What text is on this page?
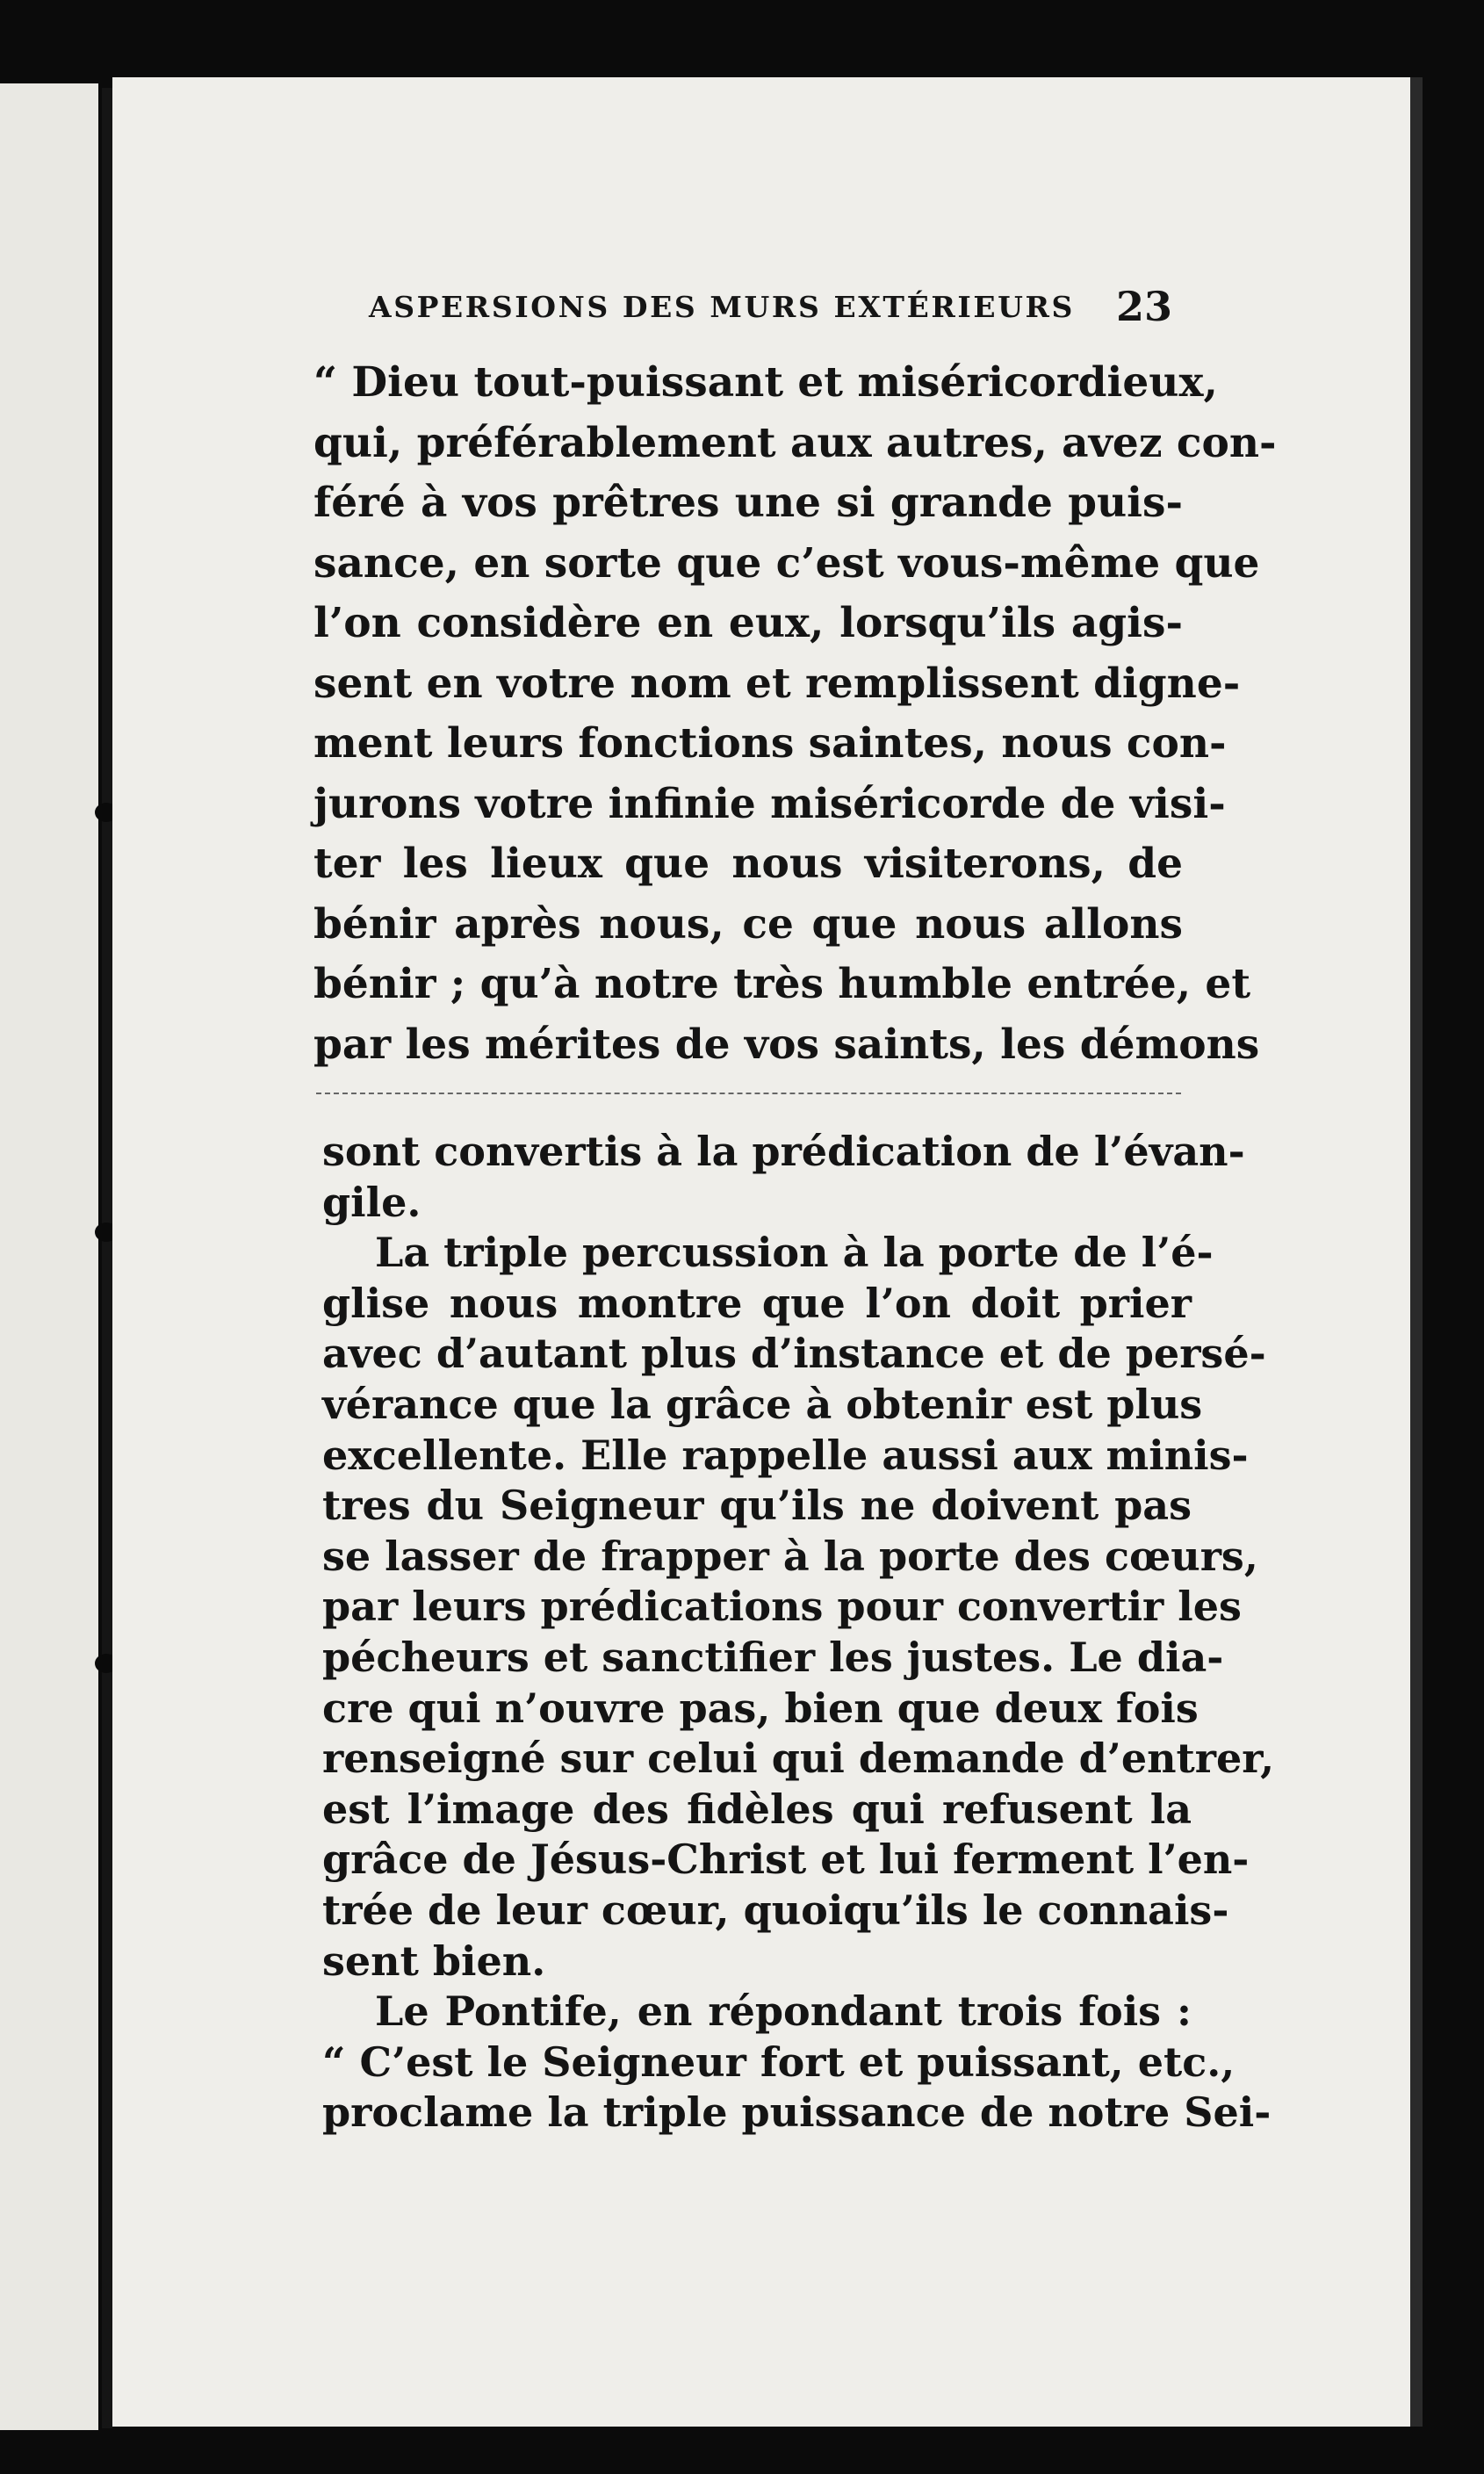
ASPERSIONS DES MURS EXTÉRIEURS 23
“ Dieu tout-puissant et miséricordieux,
qui, préférablement aux autres, avez con-
féré à vos prêtres une si grande puis-
sance, en sorte que c’est vous-même que
l’on considère en eux, lorsqu’ils agis-
sent en votre nom et remplissent digne-
ment leurs fonctions saintes, nous con-
jurons votre infinie miséricorde de visi-
ter les lieux que nous visiterons, de
bénir après nous, ce que nous allons
bénir ; qu’à notre très humble entrée, et
par les mérites de vos saints, les démons
sont convertis à la prédication de l’évan-
gile.
La triple percussion à la porte de l’é-
glise nous montre que l’on doit prier
avec d’autant plus d’instance et de persé-
vérance que la grâce à obtenir est plus
excellente. Elle rappelle aussi aux minis-
tres du Seigneur qu’ils ne doivent pas
se lasser de frapper à la porte des cœurs,
par leurs prédications pour convertir les
pécheurs et sanctifier les justes. Le dia-
cre qui n’ouvre pas, bien que deux fois
renseigné sur celui qui demande d’entrer,
est l’image des fidèles qui refusent la
grâce de Jésus-Christ et lui ferment l’en-
trée de leur cœur, quoiqu’ils le connais-
sent bien.
Le Pontife, en répondant trois fois :
“ C’est le Seigneur fort et puissant, etc.,
proclame la triple puissance de notre Sei-
